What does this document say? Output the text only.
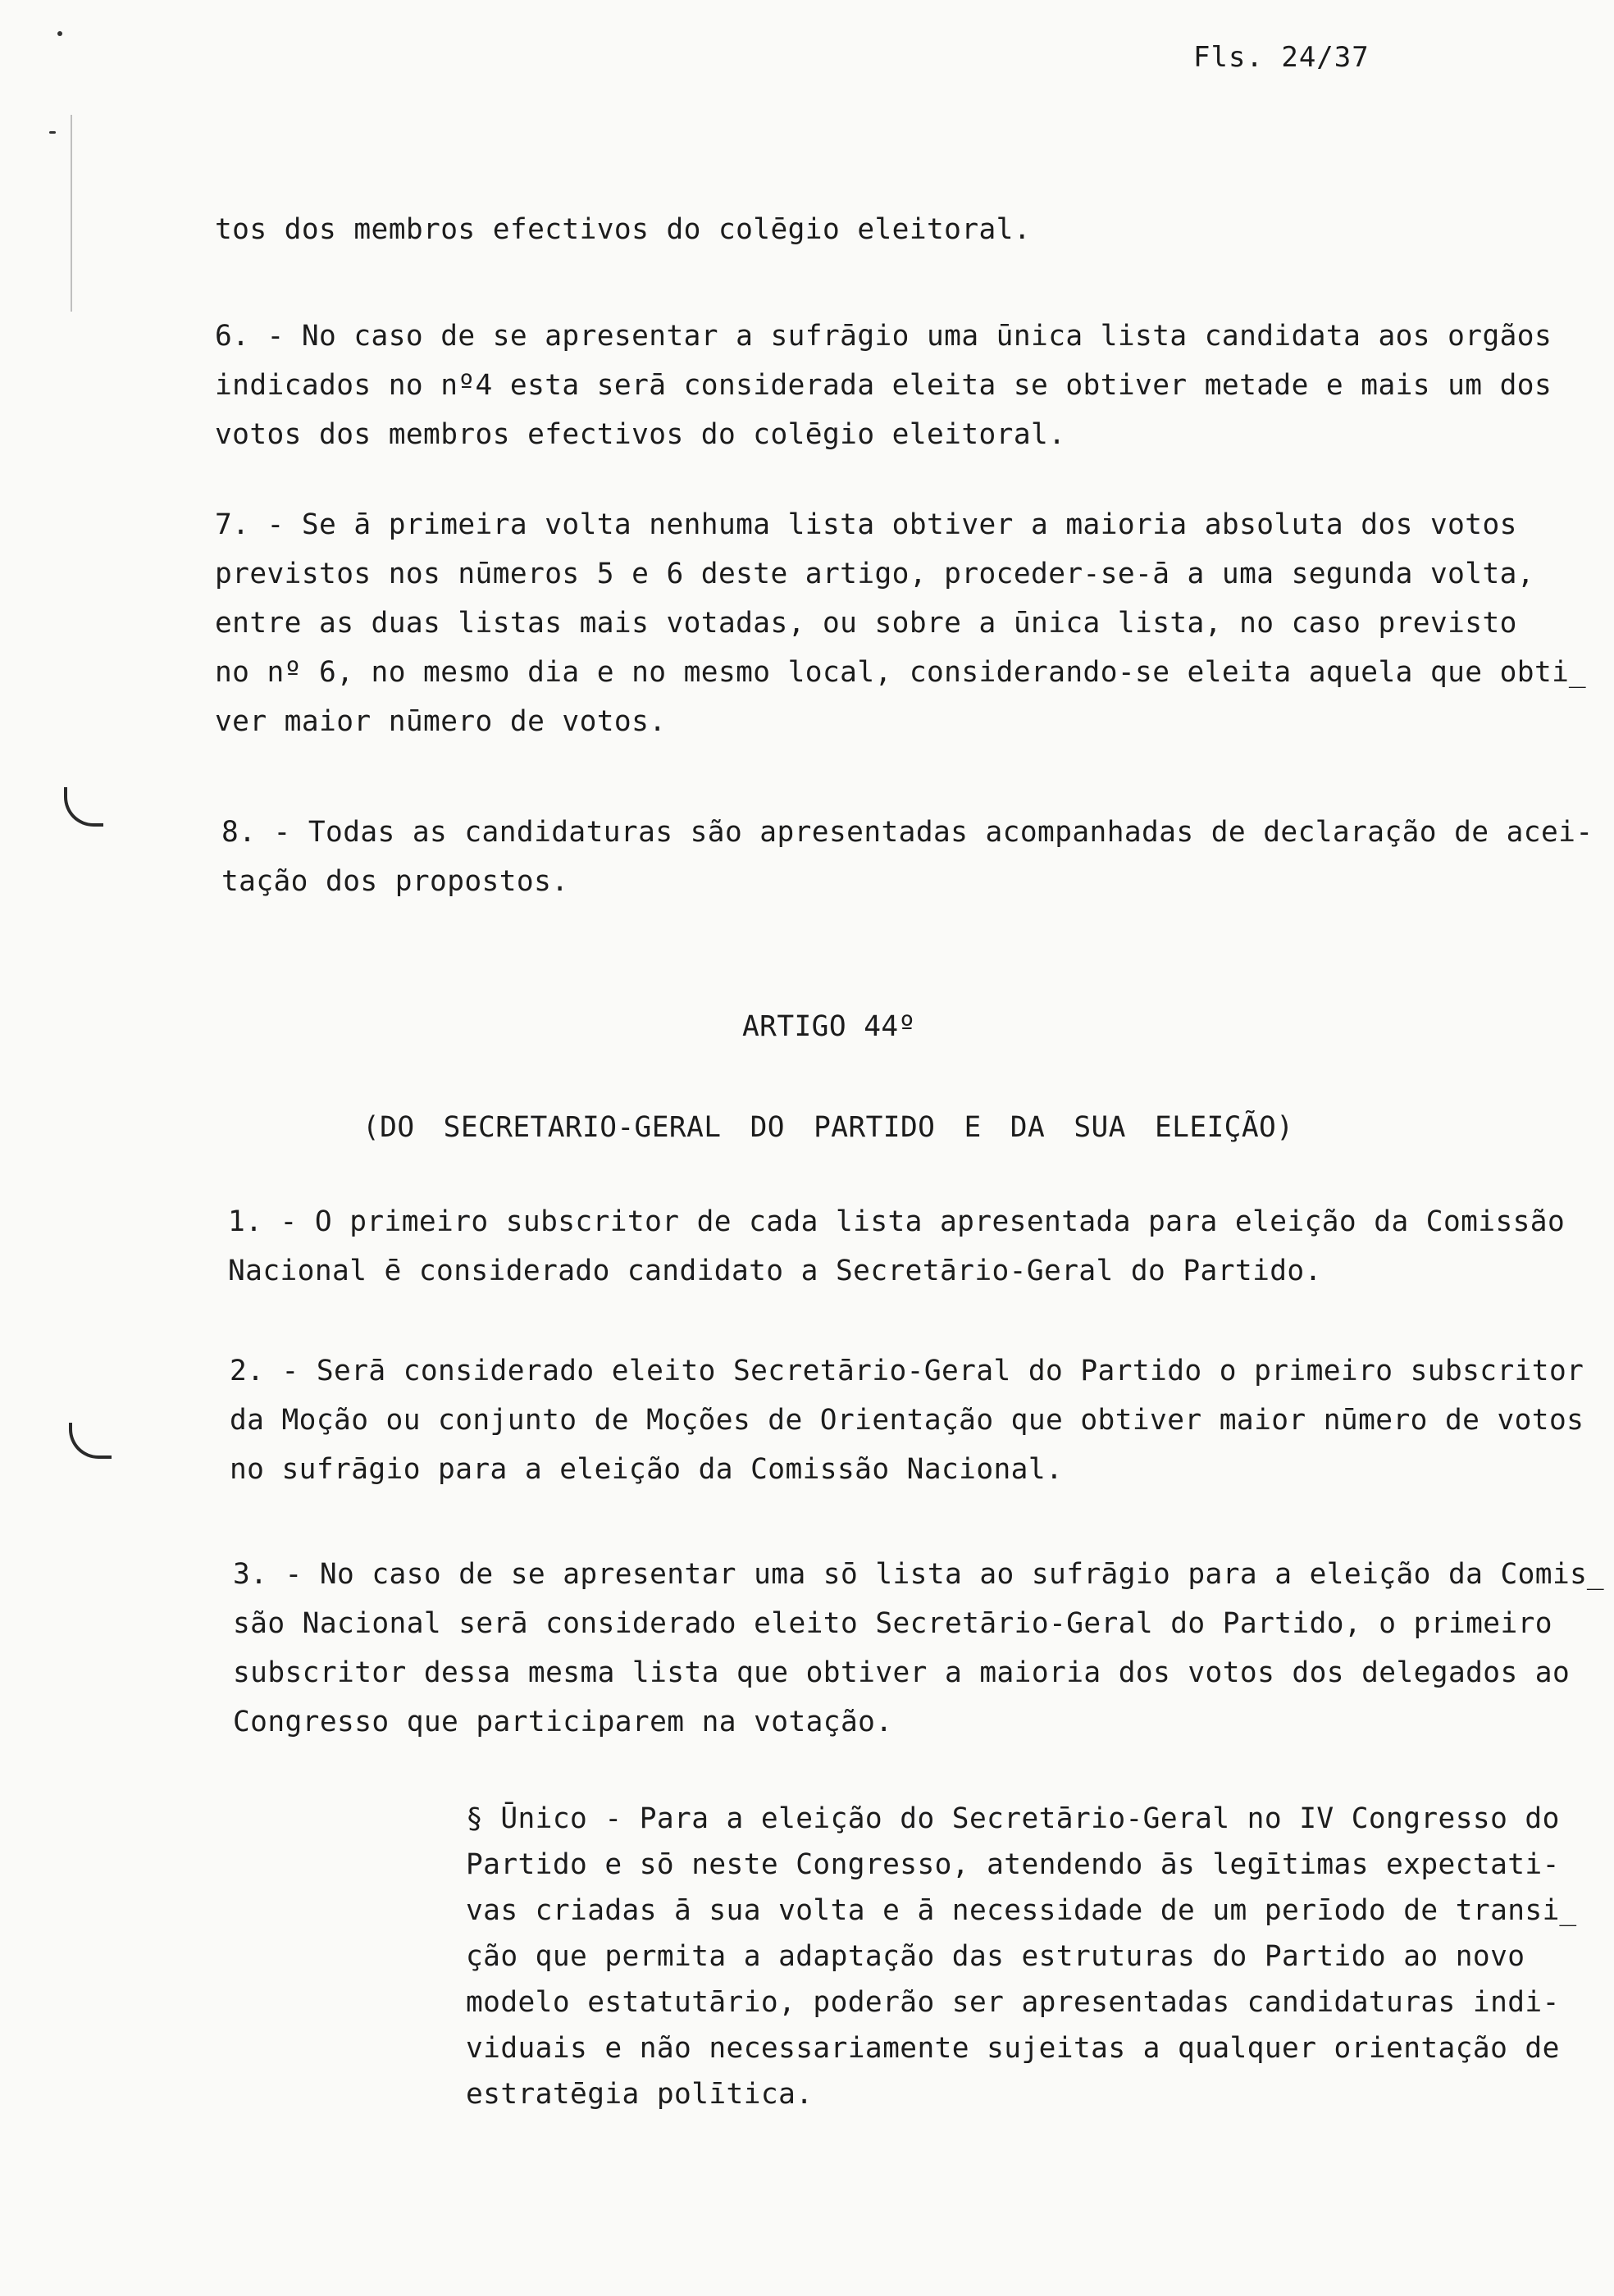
Fls. 24/37
tos dos membros efectivos do colēgio eleitoral.
6. - No caso de se apresentar a sufrāgio uma ūnica lista candidata aos orgãos
indicados no nº4 esta serā considerada eleita se obtiver metade e mais um dos
votos dos membros efectivos do colēgio eleitoral.
7. - Se ā primeira volta nenhuma lista obtiver a maioria absoluta dos votos
previstos nos nūmeros 5 e 6 deste artigo, proceder-se-ā a uma segunda volta,
entre as duas listas mais votadas, ou sobre a ūnica lista, no caso previsto
no nº 6, no mesmo dia e no mesmo local, considerando-se eleita aquela que obti̲
ver maior nūmero de votos.
8. - Todas as candidaturas são apresentadas acompanhadas de declaração de acei-
tação dos propostos.
ARTIGO 44º
(DO SECRETARIO-GERAL DO PARTIDO E DA SUA ELEIÇÃO)
1. - O primeiro subscritor de cada lista apresentada para eleição da Comissão
Nacional ē considerado candidato a Secretārio-Geral do Partido.
2. - Serā considerado eleito Secretārio-Geral do Partido o primeiro subscritor
da Moção ou conjunto de Moções de Orientação que obtiver maior nūmero de votos
no sufrāgio para a eleição da Comissão Nacional.
3. - No caso de se apresentar uma sō lista ao sufrāgio para a eleição da Comis̲
são Nacional serā considerado eleito Secretārio-Geral do Partido, o primeiro
subscritor dessa mesma lista que obtiver a maioria dos votos dos delegados ao
Congresso que participarem na votação.
§ Ūnico - Para a eleição do Secretārio-Geral no IV Congresso do
Partido e sō neste Congresso, atendendo ās legītimas expectati-
vas criadas ā sua volta e ā necessidade de um perīodo de transi̲
ção que permita a adaptação das estruturas do Partido ao novo
modelo estatutārio, poderão ser apresentadas candidaturas indi-
viduais e não necessariamente sujeitas a qualquer orientação de
estratēgia polītica.
